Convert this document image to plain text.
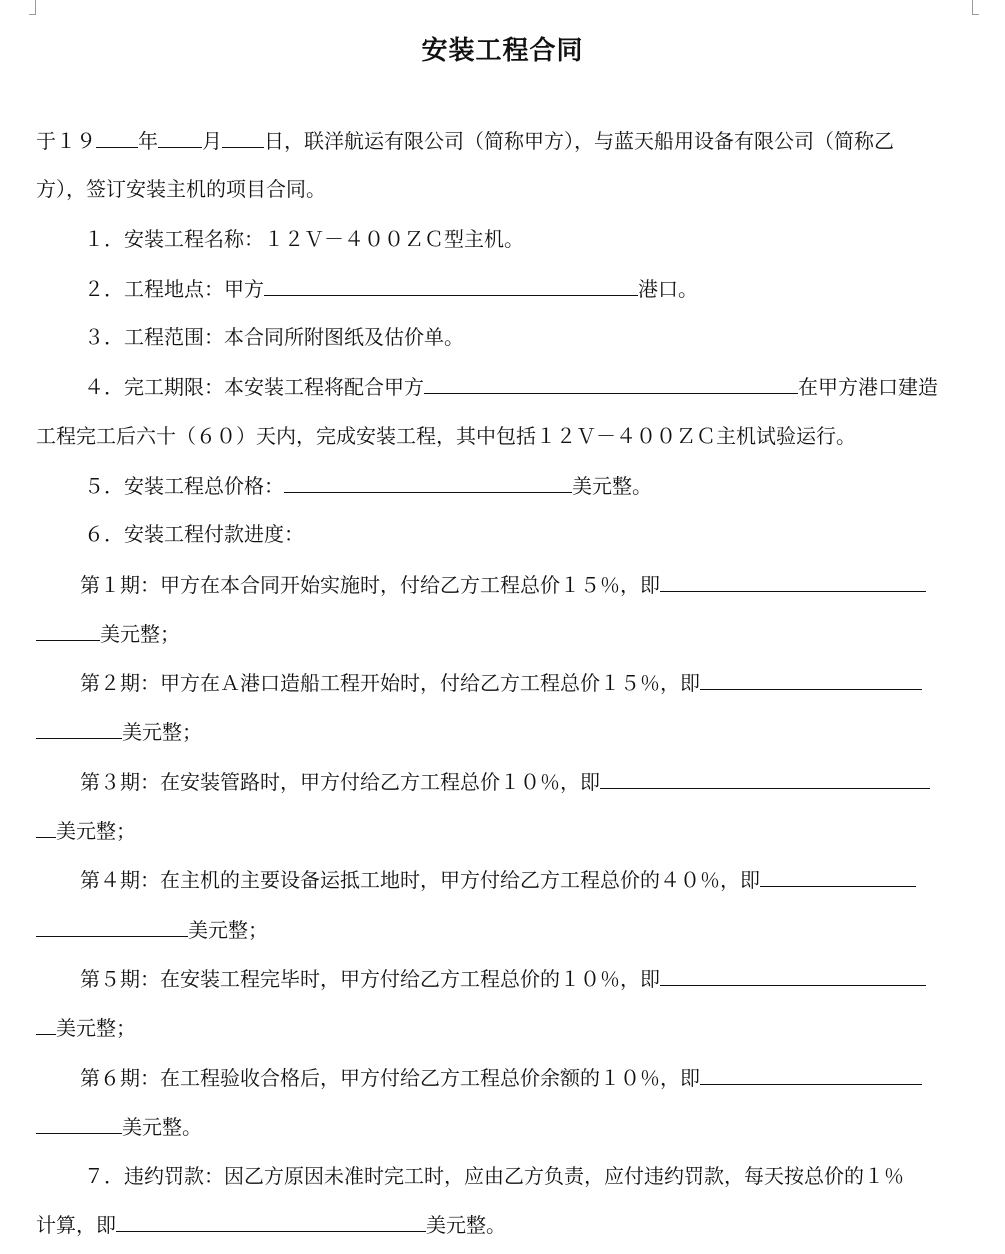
安装工程合同
于１９ 年 月 日，联洋航运有限公司（简称甲方），与蓝天船用设备有限公司（简称乙
方），签订安装主机的项目合同。
１．安装工程名称：１２Ｖ－４００ＺＣ型主机。
２．工程地点：甲方	港口。
３．工程范围：本合同所附图纸及估价单。
４．完工期限：本安装工程将配合甲方	在甲方港口建造
工程完工后六十（６０）天内，完成安装工程，其中包括１２Ｖ－４００ＺＣ主机试验运行。
５．安装工程总价格：	美元整。
６．安装工程付款进度：
第１期：甲方在本合同开始实施时，付给乙方工程总价１５％，即
美元整；
第２期：甲方在Ａ港口造船工程开始时，付给乙方工程总价１５％，即
美元整；
第３期：在安装管路时，甲方付给乙方工程总价１０％，即
美元整；
第４期：在主机的主要设备运抵工地时，甲方付给乙方工程总价的４０％，即
美元整；
第５期：在安装工程完毕时，甲方付给乙方工程总价的１０％，即
美元整；
第６期：在工程验收合格后，甲方付给乙方工程总价余额的１０％，即
美元整。
７．违约罚款：因乙方原因未准时完工时，应由乙方负责，应付违约罚款，每天按总价的１％
计算，即	美元整。
